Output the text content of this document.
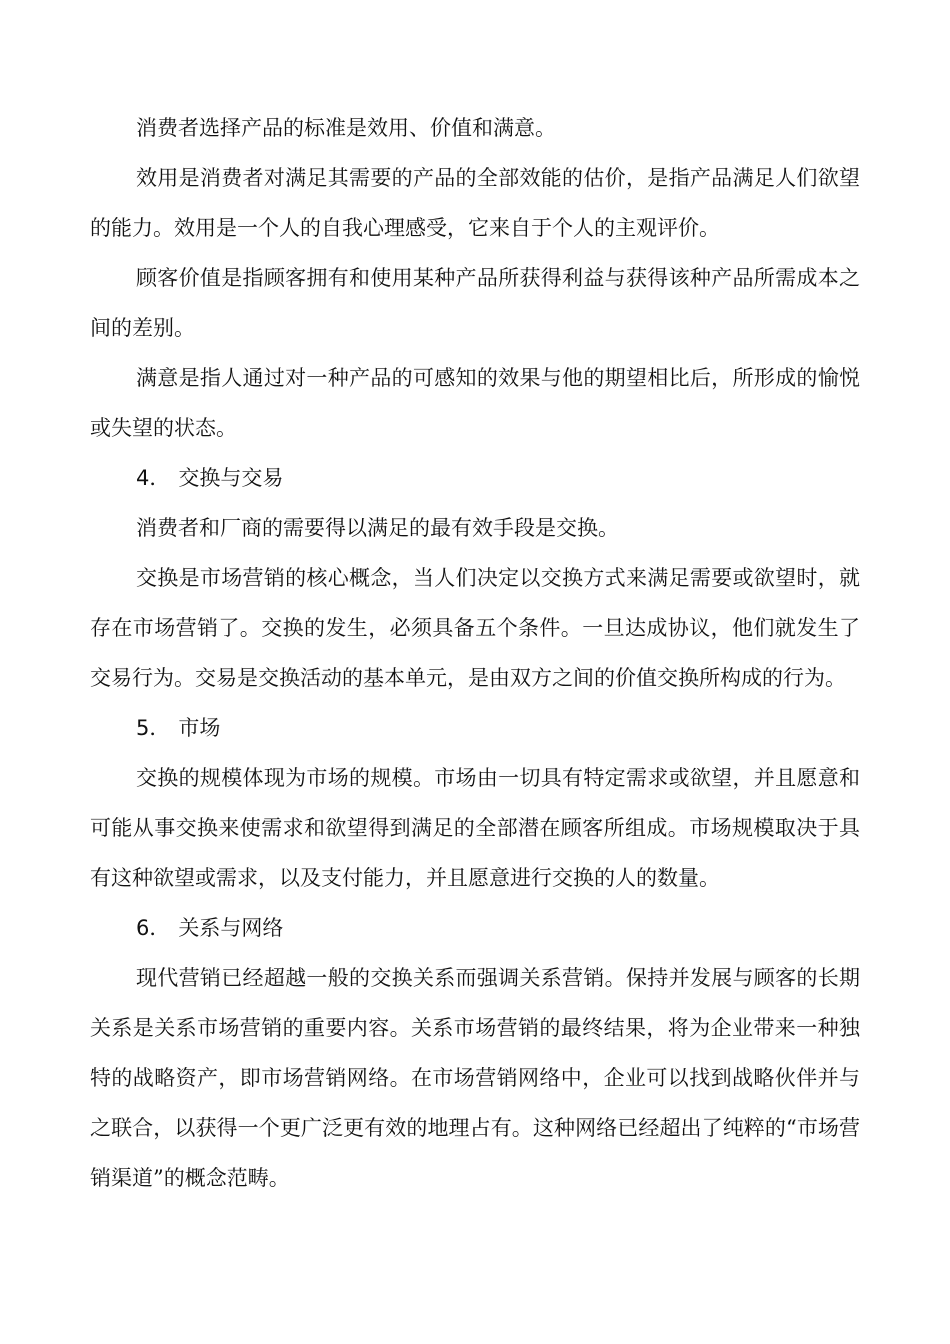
消费者选择产品的标准是效用、价值和满意。

效用是消费者对满足其需要的产品的全部效能的估价，是指产品满足人们欲望的能力。效用是一个人的自我心理感受，它来自于个人的主观评价。

顾客价值是指顾客拥有和使用某种产品所获得利益与获得该种产品所需成本之间的差别。

满意是指人通过对一种产品的可感知的效果与他的期望相比后，所形成的愉悦或失望的状态。

4． 交换与交易

消费者和厂商的需要得以满足的最有效手段是交换。

交换是市场营销的核心概念，当人们决定以交换方式来满足需要或欲望时，就存在市场营销了。交换的发生，必须具备五个条件。一旦达成协议，他们就发生了交易行为。交易是交换活动的基本单元，是由双方之间的价值交换所构成的行为。

5． 市场

交换的规模体现为市场的规模。市场由一切具有特定需求或欲望，并且愿意和可能从事交换来使需求和欲望得到满足的全部潜在顾客所组成。市场规模取决于具有这种欲望或需求，以及支付能力，并且愿意进行交换的人的数量。

6． 关系与网络

现代营销已经超越一般的交换关系而强调关系营销。保持并发展与顾客的长期关系是关系市场营销的重要内容。关系市场营销的最终结果，将为企业带来一种独特的战略资产，即市场营销网络。在市场营销网络中，企业可以找到战略伙伴并与之联合，以获得一个更广泛更有效的地理占有。这种网络已经超出了纯粹的“市场营销渠道”的概念范畴。
